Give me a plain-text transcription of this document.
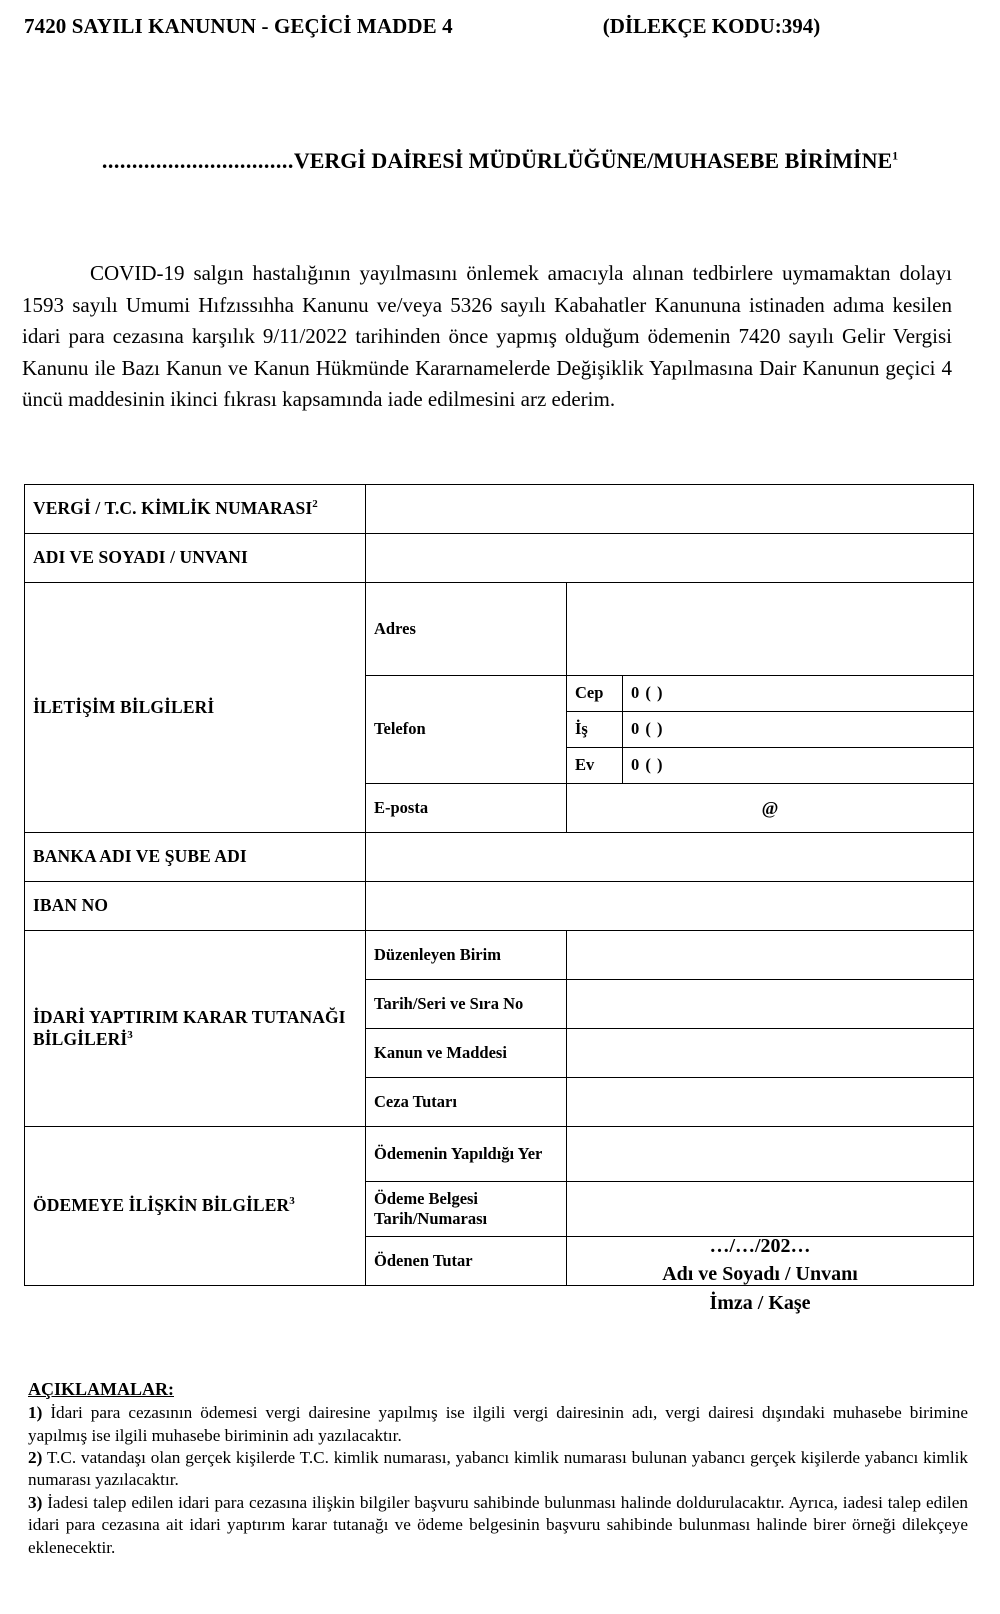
7420 SAYILI KANUNUN - GEÇİCİ MADDE 4	(DİLEKÇE KODU:394)
................................VERGİ DAİRESİ MÜDÜRLÜĞÜNE/MUHASEBE BİRİMİNE$^1$
COVID-19 salgın hastalığının yayılmasını önlemek amacıyla alınan tedbirlere uymamaktan dolayı 1593 sayılı Umumi Hıfzıssıhha Kanunu ve/veya 5326 sayılı Kabahatler Kanununa istinaden adıma kesilen idari para cezasına karşılık 9/11/2022 tarihinden önce yapmış olduğum ödemenin 7420 sayılı Gelir Vergisi Kanunu ile Bazı Kanun ve Kanun Hükmünde Kararnamelerde Değişiklik Yapılmasına Dair Kanunun geçici 4 üncü maddesinin ikinci fıkrası kapsamında iade edilmesini arz ederim.
VERGİ / T.C. KİMLİK NUMARASI$^2$	
ADI VE SOYADI / UNVANI			
İLETİŞİM BİLGİLERİ	Adres		
	Telefon	Cep	0 ( )
		İş	0 ( )
		Ev	0 ( )
	E-posta	@	
BANKA ADI VE ŞUBE ADI			
IBAN NO			
İDARİ YAPTIRIM KARAR TUTANAĞI BİLGİLERİ$^3$	Düzenleyen Birim		
	Tarih/Seri ve Sıra No		
	Kanun ve Maddesi		
	Ceza Tutarı		
ÖDEMEYE İLİŞKİN BİLGİLER$^3$	Ödemenin Yapıldığı Yer		
	Ödeme Belgesi Tarih/Numarası		
	Ödenen Tutar		
…/…/202…
Adı ve Soyadı / Unvanı
İmza / Kaşe
AÇIKLAMALAR:

1) İdari para cezasının ödemesi vergi dairesine yapılmış ise ilgili vergi dairesinin adı, vergi dairesi dışındaki muhasebe birimine yapılmış ise ilgili muhasebe biriminin adı yazılacaktır.

2) T.C. vatandaşı olan gerçek kişilerde T.C. kimlik numarası, yabancı kimlik numarası bulunan yabancı gerçek kişilerde yabancı kimlik numarası yazılacaktır.

3) İadesi talep edilen idari para cezasına ilişkin bilgiler başvuru sahibinde bulunması halinde doldurulacaktır. Ayrıca, iadesi talep edilen idari para cezasına ait idari yaptırım karar tutanağı ve ödeme belgesinin başvuru sahibinde bulunması halinde birer örneği dilekçeye eklenecektir.
